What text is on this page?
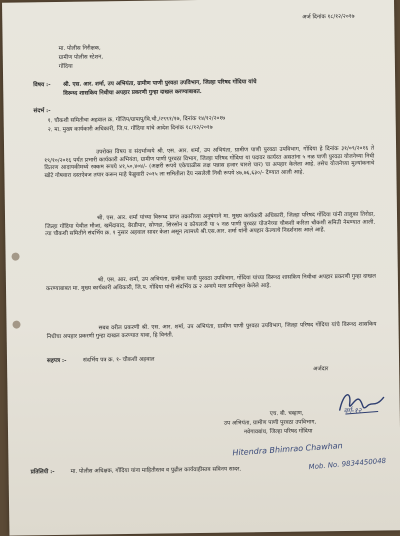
अर्ज दिनांक १८/१२/२०१७
मा. पोलीस निरीक्षक,
ग्रामीण पोलीस स्टेशन,
गोंदिया
विषय :- श्री. एस. आर. शर्मा, उप अभियंता, ग्रामीण पाणी पुरवठा उपविभाग, जिल्हा परिषद गोंदिया यांचे
विरूध्द शासकिय निधीचा अपहार प्रकरणी गुन्हा दाखल करण्याबाबत.
संदर्भ :-
१. चौकशी समितीचा अहवाल क्र. गोजिप/ग्रापापु/वि.चौ./२९९१/१७, दिनांक १४/१२/२०१७
२. मा. मुख्य कार्यकारी अधिकारी, जि.प. गोंदिया यांचे आदेश दिनांक १८/१२/२०१७
उपरोक्त विषय व संदर्भान्वये श्री. एस. आर. शर्मा, उप अभियंता, ग्रामीण पाणी पुरवठा उपविभाग, गोंदिया हे दिनांक ३१/०९/२०१६ ते १९/१०/२०१६ पर्यंत प्रभारी कार्यकारी अभियंता, ग्रामीण पाणी पुरवठा विभाग, जिल्हा परिषद गोंदिया या पदावर कार्यरत असतांना ५ नळ पाणी पुरवठा योजनेच्या निधी वितरण आदायकीमध्ये रक्कम रूपये ४१,५०,४०४/- (अक्षरी रूपये एकेचाळीस लक्ष पन्नास हजार चारशे चार) चा अपहार केलेला आहे. तसेच योजनेच्या मुल्यांकनाचे खोटे गोषवारा दस्तऐवज तयार करून माहे फेब्रुवारी २०१५ ला समितीला देय नसलेली निधी रूपये ४७,७६,६३०/- देण्यात आली आहे.
श्री. एस. आर. शर्मा यांच्या विरूध्द प्राप्त तक्रारीच्या अनुषंगाने मा. मुख्य कार्यकारी अधिकारी, जिल्हा परिषद गोंदिया यांनी तालुका तिरोडा, जिल्हा गोंदिया येथील मौजा, खमेंदाबाद, बेरडीपार, सोणडा, सिरसोन व कोयलारी या ५ नळ पाणी पुरवठा योजनेच्या चौकशी करिता चौकशी समिती नेमण्यात आली. त्या चौकशी समितीने संदर्भिय क्र. १ नुसार अहवाल सादर केला असून त्यामध्ये श्री.एस.आर. शर्मा यांनी अपहार केल्याचे निदर्शनास आले आहे.
श्री. एस. आर. शर्मा, उप अभियंता, ग्रामीण पाणी पुरवठा उपविभाग, गोंदिया यांच्या विरूध्द शासकिय निधीचा अपहार प्रकरणी गुन्हा दाखल करण्याबाबत मा. मुख्य कार्यकारी अधिकारी, जि.प. गोंदिया यांनी संदर्भिय क्र २ अन्वये मला प्राधिकृत केलेले आहे.
सबब वरील प्रकरणी श्री. एस. आर. शर्मा, उप अभियंता, ग्रामीण पाणी पुरवठा उपविभाग, जिल्हा परिषद गोंदिया यांचे विरूध्द शासकिय निधीचा अपहार प्रकरणी गुन्हा दाखल करण्यात यावा, हि विनंती.
सहपत्र :-	संदर्भिय पत्र क्र. १- चौकशी अहवाल
अर्जदार
एच. बी. चव्हाण,	वर्ग-१२
उप अभियंता, ग्रामीण पाणी पुरवठा उपविभाग,
नवेगावबांध, जिल्हा परिषद गोंदिया
Hitendra Bhimrao Chawhan
प्रतिलिपी :-	मा. पोलीस अधिक्षक, गोंदिया यांना माहितीस्तव व पुढील कार्यवाहीस्तव सविनय सादर.	Mob. No. 9834450048
